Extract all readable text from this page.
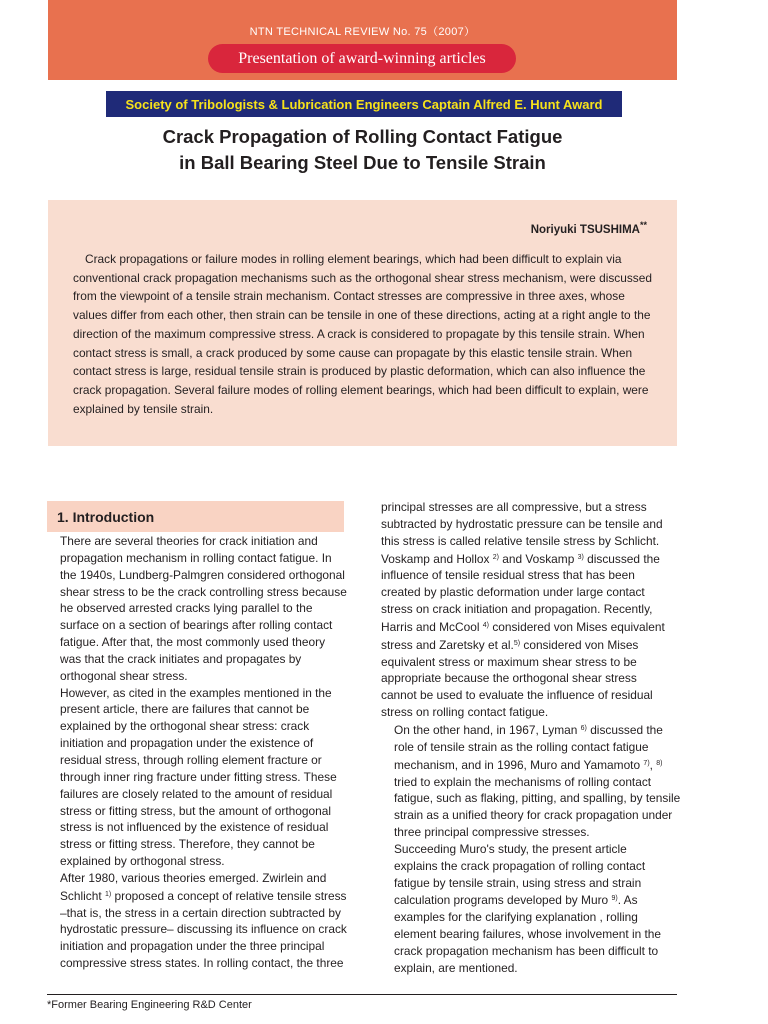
NTN TECHNICAL REVIEW No. 75（2007）
Presentation of award-winning articles
Society of Tribologists & Lubrication Engineers Captain Alfred E. Hunt Award
Crack Propagation of Rolling Contact Fatigue
in Ball Bearing Steel Due to Tensile Strain
Noriyuki TSUSHIMA**
Crack propagations or failure modes in rolling element bearings, which had been difficult to explain via conventional crack propagation mechanisms such as the orthogonal shear stress mechanism, were discussed from the viewpoint of a tensile strain mechanism. Contact stresses are compressive in three axes, whose values differ from each other, then strain can be tensile in one of these directions, acting at a right angle to the direction of the maximum compressive stress. A crack is considered to propagate by this tensile strain. When contact stress is small, a crack produced by some cause can propagate by this elastic tensile strain. When contact stress is large, residual tensile strain is produced by plastic deformation, which can also influence the crack propagation. Several failure modes of rolling element bearings, which had been difficult to explain, were explained by tensile strain.
1. Introduction

There are several theories for crack initiation and
propagation mechanism in rolling contact fatigue. In
the 1940s, Lundberg-Palmgren considered orthogonal
shear stress to be the crack controlling stress because
he observed arrested cracks lying parallel to the
surface on a section of bearings after rolling contact
fatigue. After that, the most commonly used theory
was that the crack initiates and propagates by
orthogonal shear stress.

However, as cited in the examples mentioned in the
present article, there are failures that cannot be
explained by the orthogonal shear stress: crack
initiation and propagation under the existence of
residual stress, through rolling element fracture or
through inner ring fracture under fitting stress. These
failures are closely related to the amount of residual
stress or fitting stress, but the amount of orthogonal
stress is not influenced by the existence of residual
stress or fitting stress. Therefore, they cannot be
explained by orthogonal stress.

After 1980, various theories emerged. Zwirlein and
Schlicht $^{1)}$ proposed a concept of relative tensile stress
–that is, the stress in a certain direction subtracted by
hydrostatic pressure– discussing its influence on crack
initiation and propagation under the three principal
compressive stress states. In rolling contact, the three

principal stresses are all compressive, but a stress
subtracted by hydrostatic pressure can be tensile and
this stress is called relative tensile stress by Schlicht.
Voskamp and Hollox $^{2)}$ and Voskamp $^{3)}$ discussed the
influence of tensile residual stress that has been
created by plastic deformation under large contact
stress on crack initiation and propagation. Recently,
Harris and McCool $^{4)}$ considered von Mises equivalent
stress and Zaretsky et al.$^{5)}$ considered von Mises
equivalent stress or maximum shear stress to be
appropriate because the orthogonal shear stress
cannot be used to evaluate the influence of residual
stress on rolling contact fatigue.

On the other hand, in 1967, Lyman $^{6)}$ discussed the
role of tensile strain as the rolling contact fatigue
mechanism, and in 1996, Muro and Yamamoto $^{7)}$, $^{8)}$
tried to explain the mechanisms of rolling contact
fatigue, such as flaking, pitting, and spalling, by tensile
strain as a unified theory for crack propagation under
three principal compressive stresses.

Succeeding Muro's study, the present article
explains the crack propagation of rolling contact
fatigue by tensile strain, using stress and strain
calculation programs developed by Muro $^{9)}$. As
examples for the clarifying explanation , rolling
element bearing failures, whose involvement in the
crack propagation mechanism has been difficult to
explain, are mentioned.

*Former Bearing Engineering R&D Center
